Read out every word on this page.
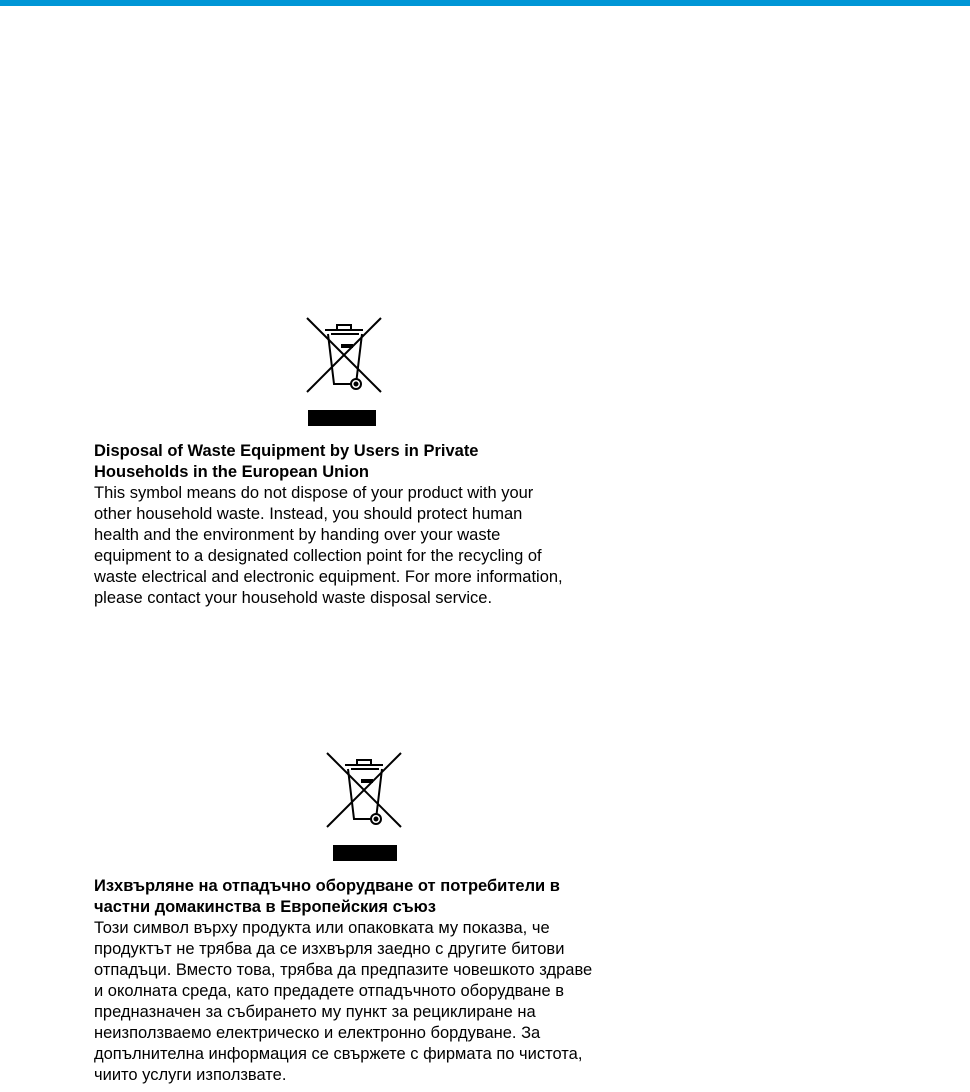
Disposal of Waste Equipment by Users in Private
Households in the European Union
This symbol means do not dispose of your product with your
other household waste. Instead, you should protect human
health and the environment by handing over your waste
equipment to a designated collection point for the recycling of
waste electrical and electronic equipment. For more information,
please contact your household waste disposal service.
Изхвърляне на отпадъчно оборудване от потребители в
частни домакинства в Европейския съюз
Този символ върху продукта или опаковката му показва, че
продуктът не трябва да се изхвърля заедно с другите битови
отпадъци. Вместо това, трябва да предпазите човешкото здраве
и околната среда, като предадете отпадъчното оборудване в
предназначен за събирането му пункт за рециклиране на
неизползваемо електрическо и електронно бордуване. За
допълнителна информация се свържете с фирмата по чистота,
чиито услуги използвате.
